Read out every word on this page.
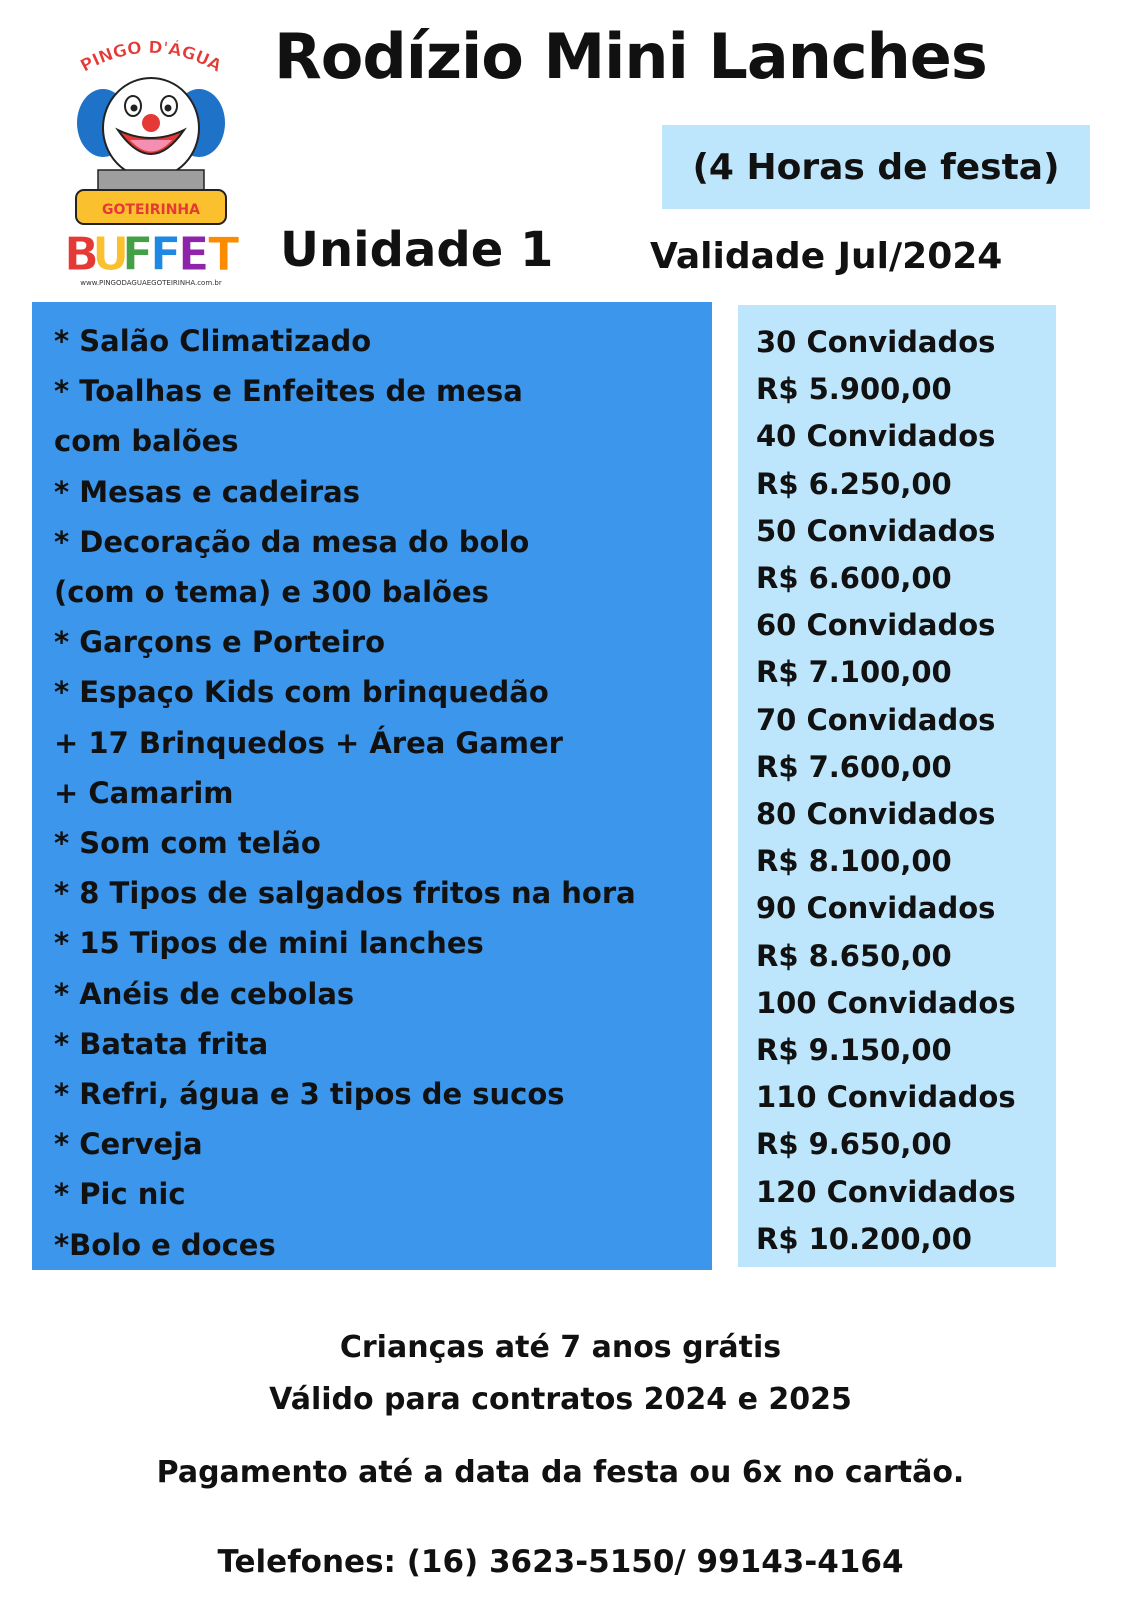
PINGO D'ÁGUA
GOTEIRINHA
B
U
F
F
E
T
www.PINGODAGUAEGOTEIRINHA.com.br
Rodízio Mini Lanches
(4 Horas de festa)
Unidade 1	Validade Jul/2024
* Salão Climatizado
* Toalhas e Enfeites de mesa
com balões
* Mesas e cadeiras
* Decoração da mesa do bolo
(com o tema) e 300 balões
* Garçons e Porteiro
* Espaço Kids com brinquedão
+ 17 Brinquedos + Área Gamer
+ Camarim
* Som com telão
* 8 Tipos de salgados fritos na hora
* 15 Tipos de mini lanches
* Anéis de cebolas
* Batata frita
* Refri, água e 3 tipos de sucos
* Cerveja
* Pic nic
*Bolo e doces
30 Convidados
R$ 5.900,00
40 Convidados
R$ 6.250,00
50 Convidados
R$ 6.600,00
60 Convidados
R$ 7.100,00
70 Convidados
R$ 7.600,00
80 Convidados
R$ 8.100,00
90 Convidados
R$ 8.650,00
100 Convidados
R$ 9.150,00
110 Convidados
R$ 9.650,00
120 Convidados
R$ 10.200,00
Crianças até 7 anos grátis
Válido para contratos 2024 e 2025
Pagamento até a data da festa ou 6x no cartão.
Telefones: (16) 3623-5150/ 99143-4164
